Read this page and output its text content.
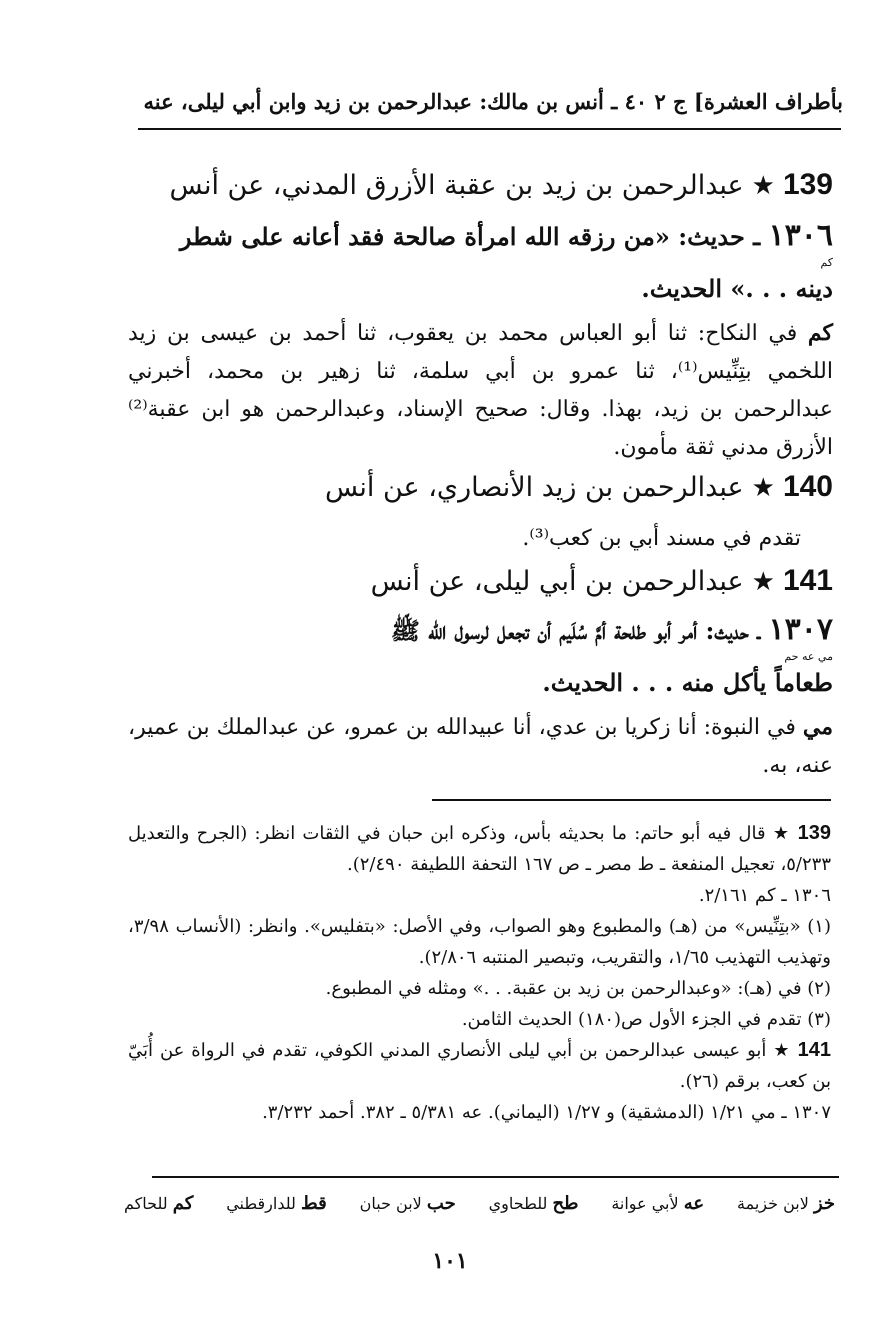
بأطراف العشرة] ج ٢ ٤٠ ـ أنس بن مالك: عبدالرحمن بن زيد وابن أبي ليلى، عنه
139★عبدالرحمن بن زيد بن عقبة الأزرق المدني، عن أنس
١٣٠٦ ـ حديث: «من رزقه الله امرأة صالحة فقد أعانه على شطر
كم
دينه . . .» الحديث.
كم في النكاح: ثنا أبو العباس محمد بن يعقوب، ثنا أحمد بن عيسى بن زيد اللخمي بتِنِّيس⁽¹⁾، ثنا عمرو بن أبي سلمة، ثنا زهير بن محمد، أخبرني عبدالرحمن بن زيد، بهذا. وقال: صحيح الإسناد، وعبدالرحمن هو ابن عقبة⁽²⁾ الأزرق مدني ثقة مأمون.
140★عبدالرحمن بن زيد الأنصاري، عن أنس
تقدم في مسند أبي بن كعب⁽³⁾.
141★عبدالرحمن بن أبي ليلى، عن أنس
١٣٠٧ ـ حديث: أمر أبو طلحة أمَّ سُلَيم أن تجعل لرسول الله ﷺ
مي عه حم
طعاماً يأكل منه . . . الحديث.
مي في النبوة: أنا زكريا بن عدي، أنا عبيدالله بن عمرو، عن عبدالملك بن عمير، عنه، به.
139 ★ قال فيه أبو حاتم: ما بحديثه بأس، وذكره ابن حبان في الثقات انظر: (الجرح والتعديل ٥/٢٣٣، تعجيل المنفعة ـ ط مصر ـ ص ١٦٧ التحفة اللطيفة ٢/٤٩٠).
١٣٠٦ ـ كم ٢/١٦١.
(١) «بتِنِّيس» من (هـ) والمطبوع وهو الصواب، وفي الأصل: «بتفليس». وانظر: (الأنساب ٣/٩٨، وتهذيب التهذيب ١/٦٥، والتقريب، وتبصير المنتبه ٢/٨٠٦).
(٢) في (هـ): «وعبدالرحمن بن زيد بن عقبة. . .» ومثله في المطبوع.
(٣) تقدم في الجزء الأول ص(١٨٠) الحديث الثامن.
141 ★ أبو عيسى عبدالرحمن بن أبي ليلى الأنصاري المدني الكوفي، تقدم في الرواة عن أُبَيّ بن كعب، برقم (٢٦).
١٣٠٧ ـ مي ١/٢١ (الدمشقية) و ١/٢٧ (اليماني). عه ٥/٣٨١ ـ ٣٨٢. أحمد ٣/٢٣٢.
خز لابن خزيمة
عه لأبي عوانة
طح للطحاوي
حب لابن حبان
قط للدارقطني
كم للحاكم
١٠١
